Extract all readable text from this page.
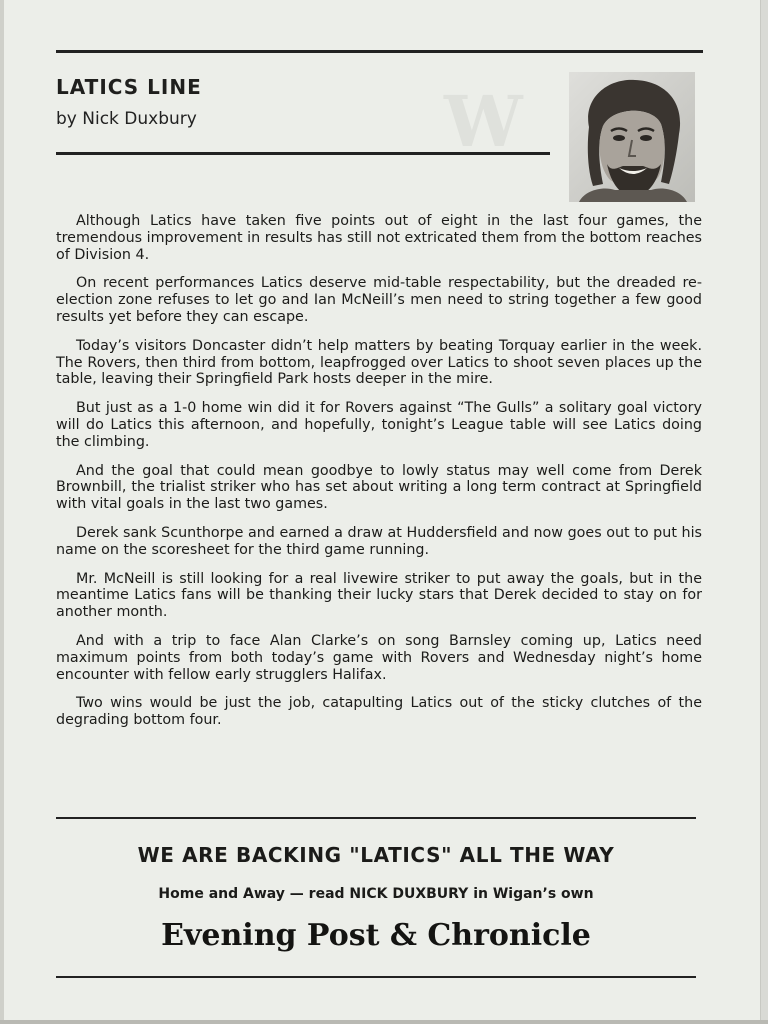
LATICS LINE
by Nick Duxbury	W

Although Latics have taken five points out of eight in the last four games, the tremendous improvement in results has still not extricated them from the bottom reaches of Division 4.

On recent performances Latics deserve mid-table respectability, but the dreaded re-election zone refuses to let go and Ian McNeill’s men need to string together a few good results yet before they can escape.

Today’s visitors Doncaster didn’t help matters by beating Torquay earlier in the week. The Rovers, then third from bottom, leapfrogged over Latics to shoot seven places up the table, leaving their Springfield Park hosts deeper in the mire.

But just as a 1-0 home win did it for Rovers against “The Gulls” a solitary goal victory will do Latics this afternoon, and hopefully, tonight’s League table will see Latics doing the climbing.

And the goal that could mean goodbye to lowly status may well come from Derek Brownbill, the trialist striker who has set about writing a long term contract at Springfield with vital goals in the last two games.

Derek sank Scunthorpe and earned a draw at Huddersfield and now goes out to put his name on the scoresheet for the third game running.

Mr. McNeill is still looking for a real livewire striker to put away the goals, but in the meantime Latics fans will be thanking their lucky stars that Derek decided to stay on for another month.

And with a trip to face Alan Clarke’s on song Barnsley coming up, Latics need maximum points from both today’s game with Rovers and Wednesday night’s home encounter with fellow early strugglers Halifax.

Two wins would be just the job, catapulting Latics out of the sticky clutches of the degrading bottom four.

WE ARE BACKING "LATICS" ALL THE WAY
Home and Away — read NICK DUXBURY in Wigan’s own
Evening Post & Chronicle
